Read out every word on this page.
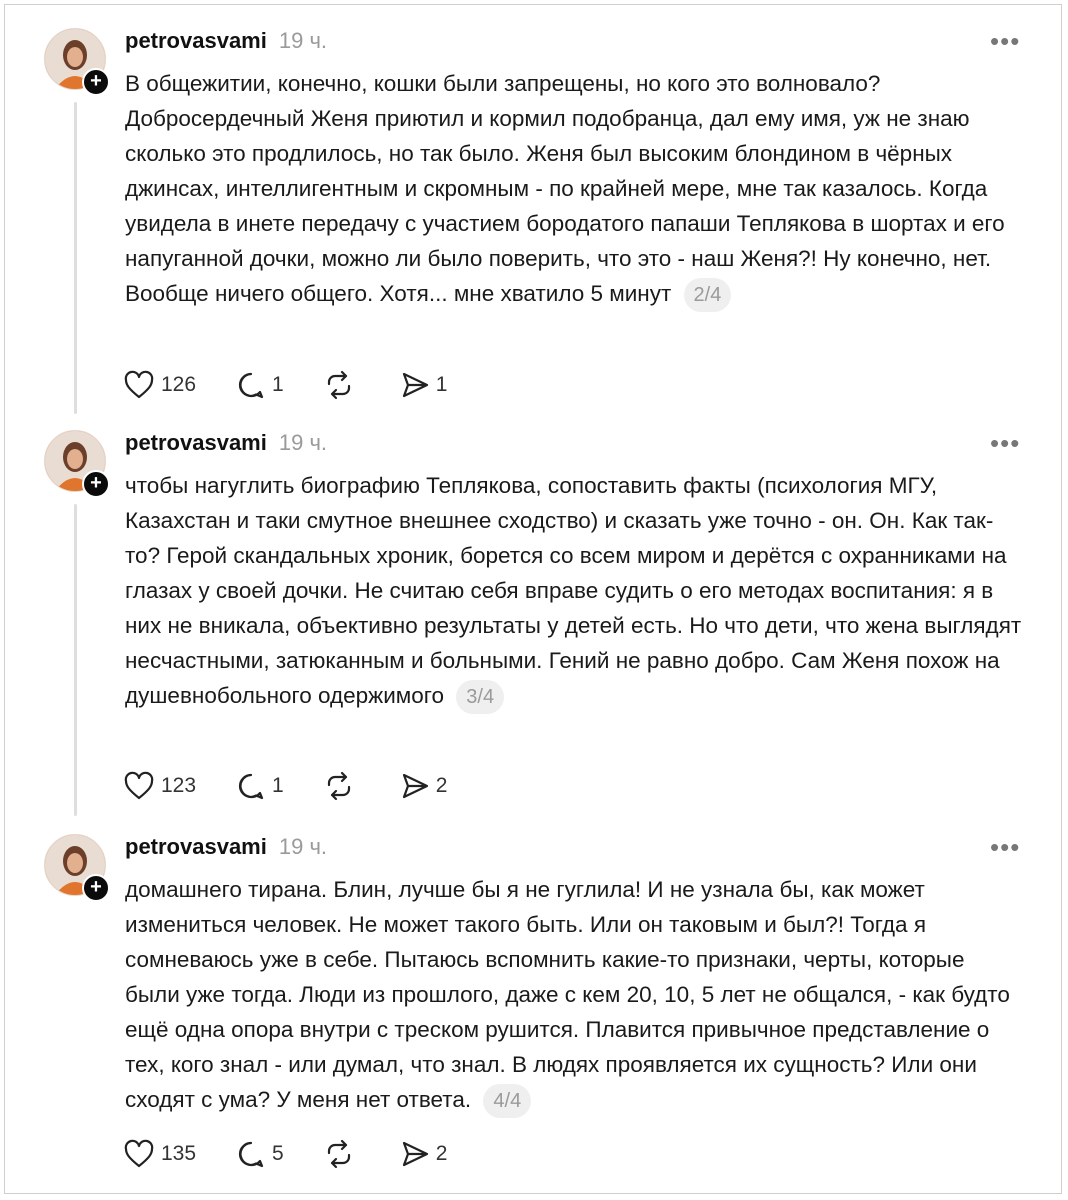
+
petrovasvami 19 ч.	•••
В общежитии, конечно, кошки были запрещены, но кого это волновало? Добросердечный Женя приютил и кормил подобранца, дал ему имя, уж не знаю сколько это продлилось, но так было. Женя был высоким блондином в чёрных джинсах, интеллигентным и скромным - по крайней мере, мне так казалось. Когда увидела в инете передачу с участием бородатого папаши Теплякова в шортах и его напуганной дочки, можно ли было поверить, что это - наш Женя?! Ну конечно, нет. Вообще ничего общего. Хотя... мне хватило 5 минут 2/4
126	1	1
+
petrovasvami 19 ч.	•••
чтобы нагуглить биографию Теплякова, сопоставить факты (психология МГУ, Казахстан и таки смутное внешнее сходство) и сказать уже точно - он. Он. Как так-то? Герой скандальных хроник, борется со всем миром и дерётся с охранниками на глазах у своей дочки. Не считаю себя вправе судить о его методах воспитания: я в них не вникала, объективно результаты у детей есть. Но что дети, что жена выглядят несчастными, затюканным и больными. Гений не равно добро. Сам Женя похож на душевнобольного одержимого 3/4
123	1	2
+
petrovasvami 19 ч.	•••
домашнего тирана. Блин, лучше бы я не гуглила! И не узнала бы, как может измениться человек. Не может такого быть. Или он таковым и был?! Тогда я сомневаюсь уже в себе. Пытаюсь вспомнить какие-то признаки, черты, которые были уже тогда. Люди из прошлого, даже с кем 20, 10, 5 лет не общался, - как будто ещё одна опора внутри с треском рушится. Плавится привычное представление о тех, кого знал - или думал, что знал. В людях проявляется их сущность? Или они сходят с ума? У меня нет ответа. 4/4
135	5	2
